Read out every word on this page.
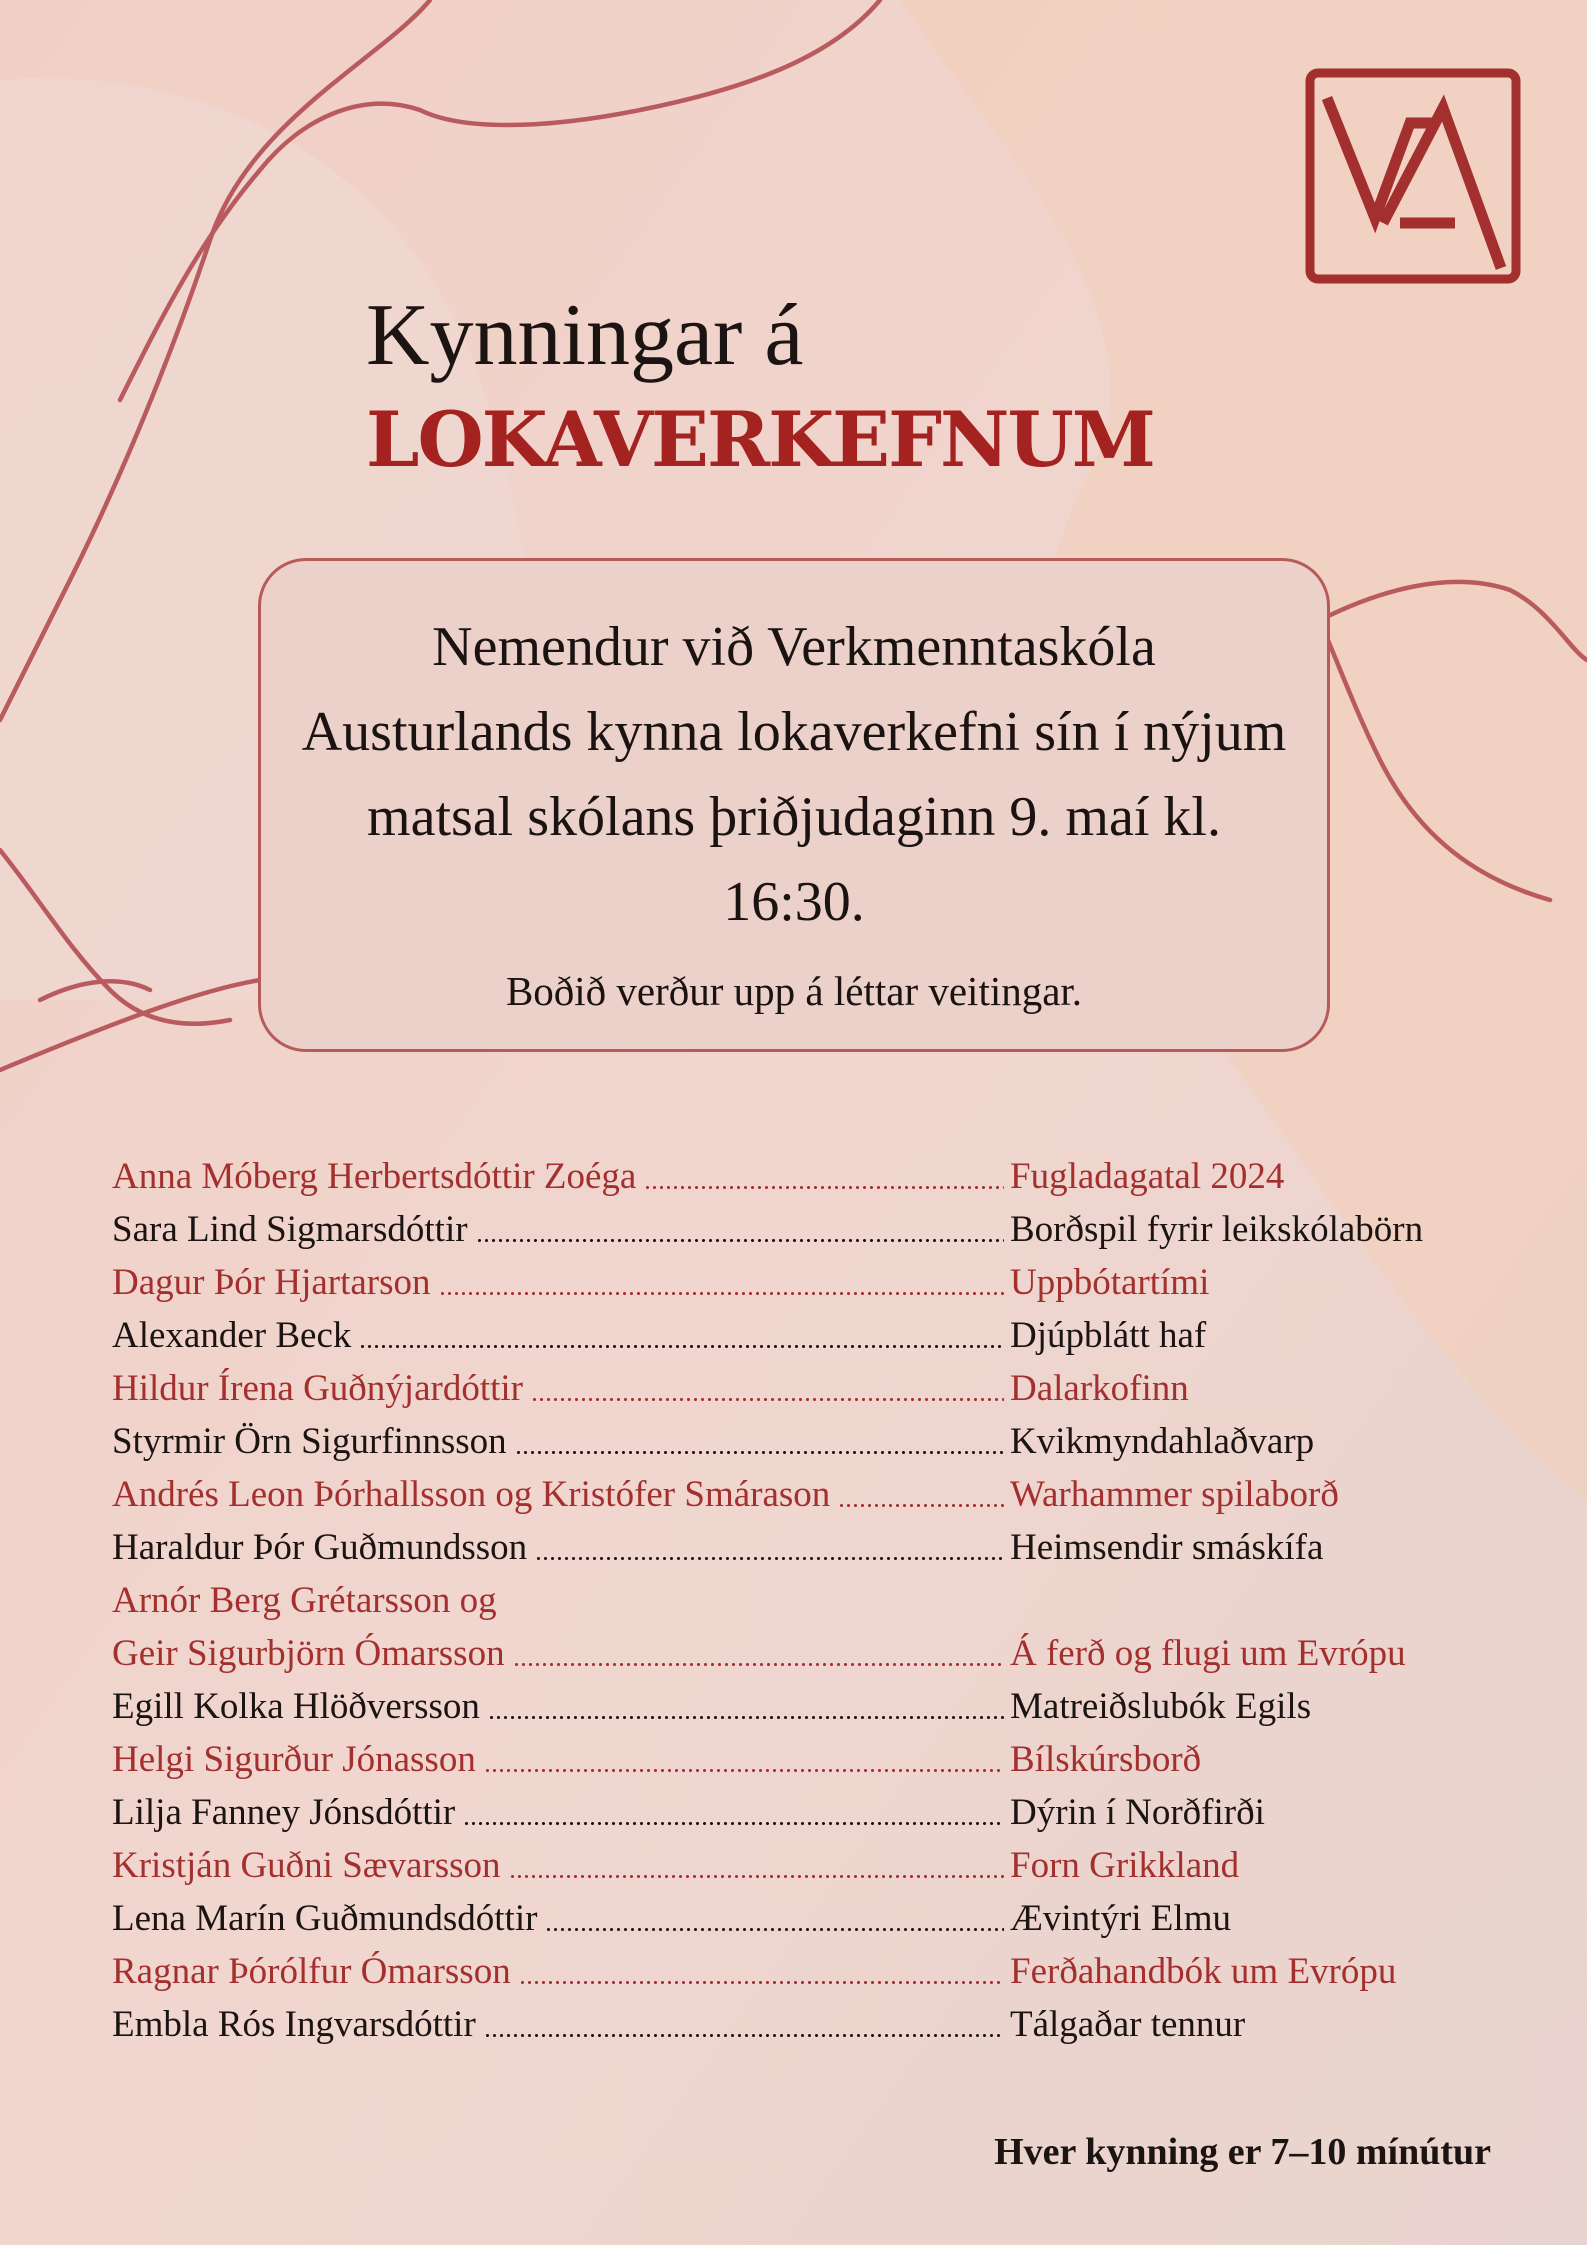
Kynningar á
LOKAVERKEFNUM
Nemendur við Verkmenntaskóla Austurlands kynna lokaverkefni sín í nýjum matsal skólans þriðjudaginn 9. maí kl. 16:30.
Boðið verður upp á léttar veitingar.
Anna Móberg Herbertsdóttir Zoéga	Fugladagatal 2024
Sara Lind Sigmarsdóttir	Borðspil fyrir leikskólabörn
Dagur Þór Hjartarson	Uppbótartími
Alexander Beck	Djúpblátt haf
Hildur Írena Guðnýjardóttir	Dalarkofinn
Styrmir Örn Sigurfinnsson	Kvikmyndahlaðvarp
Andrés Leon Þórhallsson og Kristófer Smárason	Warhammer spilaborð
Haraldur Þór Guðmundsson	Heimsendir smáskífa
Arnór Berg Grétarsson og
Geir Sigurbjörn Ómarsson	Á ferð og flugi um Evrópu
Egill Kolka Hlöðversson	Matreiðslubók Egils
Helgi Sigurður Jónasson	Bílskúrsborð
Lilja Fanney Jónsdóttir	Dýrin í Norðfirði
Kristján Guðni Sævarsson	Forn Grikkland
Lena Marín Guðmundsdóttir	Ævintýri Elmu
Ragnar Þórólfur Ómarsson	Ferðahandbók um Evrópu
Embla Rós Ingvarsdóttir	Tálgaðar tennur
Hver kynning er 7–10 mínútur
